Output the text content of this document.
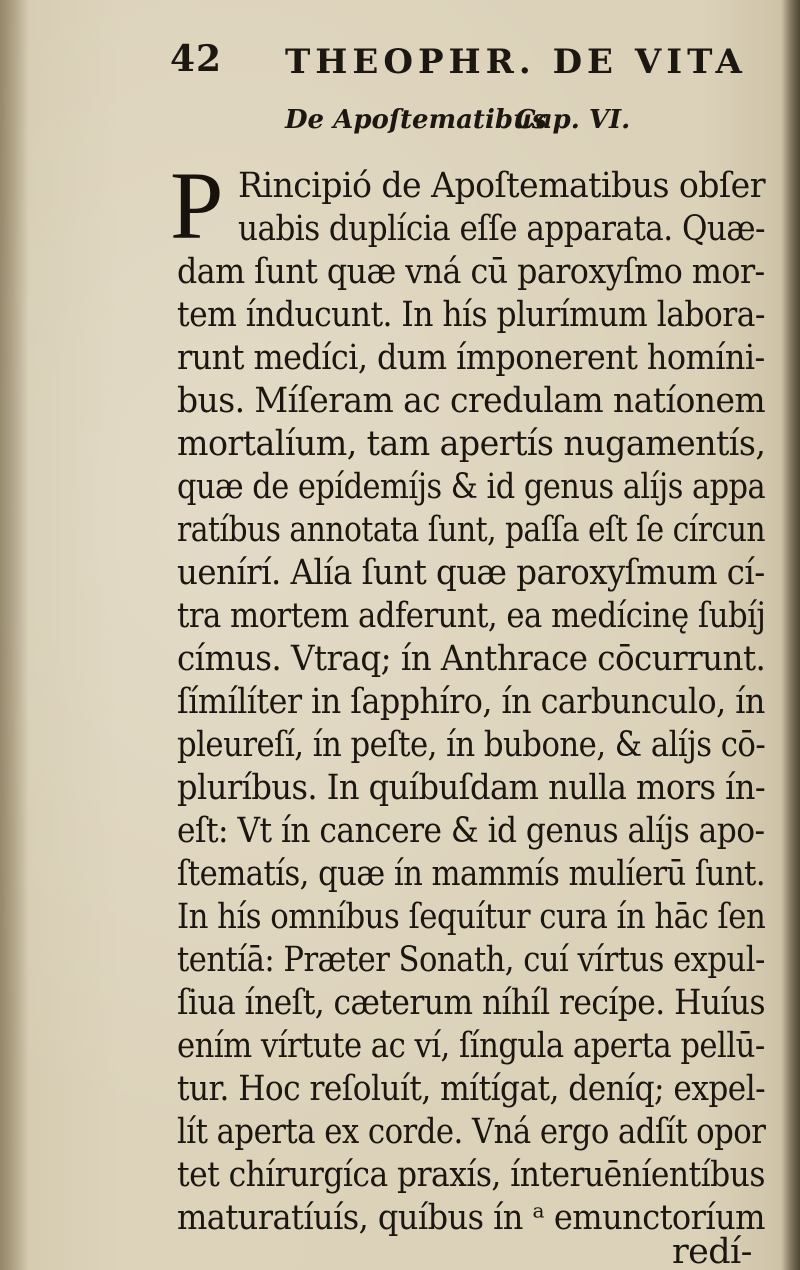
42 THEOPHR. DE VITA
De Apoſtematibus
Cap. VI.
P Rincipió de Apoſtematibus obſer
uabis duplícia eſſe apparata. Quæ-
dam ſunt quæ vná cū paroxyſmo mor-
tem índucunt. In hís plurímum labora-
runt medíci, dum ímponerent homíni-
bus. Míſeram ac credulam natíonem
mortalíum, tam apertís nugamentís,
quæ de epídemíjs & id genus alíjs appa
ratíbus annotata ſunt, paſſa eſt ſe círcun
uenírí. Alía ſunt quæ paroxyſmum cí-
tra mortem adferunt, ea medícinę ſubíj
címus. Vtraq; ín Anthrace cōcurrunt.
ſímílíter in ſapphíro, ín carbunculo, ín
pleureſí, ín peſte, ín bubone, & alíjs cō-
pluríbus. In quíbuſdam nulla mors ín-
eſt: Vt ín cancere & id genus alíjs apo-
ſtematís, quæ ín mammís mulíerū ſunt.
In hís omníbus ſequítur cura ín hāc ſen
tentíā: Præter Sonath, cuí vírtus expul-
ſiua íneſt, cæterum níhíl recípe. Huíus
ením vírtute ac ví, ſíngula aperta pellū-
tur. Hoc reſoluít, mítígat, deníq; expel-
lít aperta ex corde. Vná ergo adſít opor
tet chírurgíca praxís, ínteruēníentíbus
maturatíuís, quíbus ín ᵃ emunctoríum
redí-
